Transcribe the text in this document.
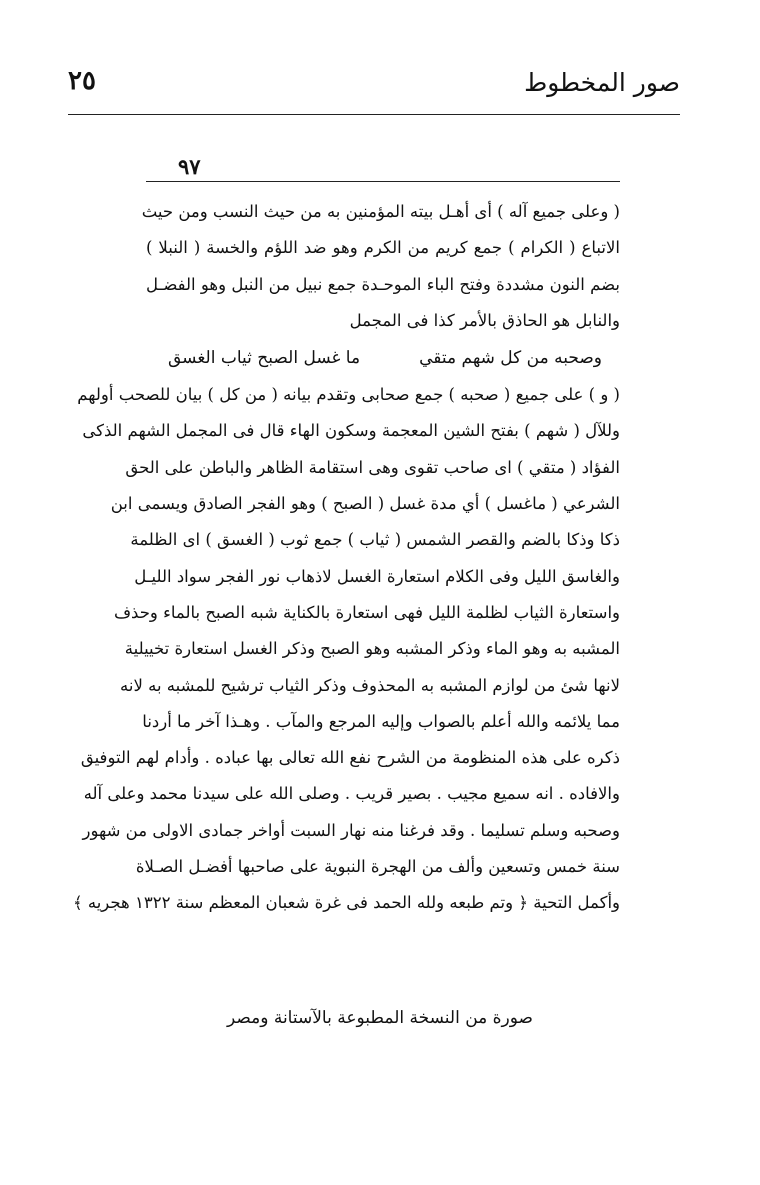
صور المخطوط
٢٥
٩٧
( وعلى جميع آله ) أى أهـل بيته المؤمنين به من حيث النسب ومن حيث
الاتباع ( الكرام ) جمع كريم من الكرم وهو ضد اللؤم والخسة ( النبلا )
بضم النون مشددة وفتح الباء الموحـدة جمع نبيل من النبل وهو الفضـل
والنابل هو الحاذق بالأمر كذا فى المجمل
وصحبه من كل شهم متقي
ما غسل الصبح ثياب الغسق
( و ) على جميع ( صحبه ) جمع صحابى وتقدم بيانه ( من كل ) بيان للصحب أولهم
وللآل ( شهم ) بفتح الشين المعجمة وسكون الهاء قال فى المجمل الشهم الذكى
الفؤاد ( متقي ) اى صاحب تقوى وهى استقامة الظاهر والباطن على الحق
الشرعي ( ماغسل ) أي مدة غسل ( الصبح ) وهو الفجر الصادق ويسمى ابن
ذكا وذكا بالضم والقصر الشمس ( ثياب ) جمع ثوب ( الغسق ) اى الظلمة
والغاسق الليل وفى الكلام استعارة الغسل لاذهاب نور الفجر سواد الليـل
واستعارة الثياب لظلمة الليل فهى استعارة بالكناية شبه الصبح بالماء وحذف
المشبه به وهو الماء وذكر المشبه وهو الصبح وذكر الغسل استعارة تخييلية
لانها شئ من لوازم المشبه به المحذوف وذكر الثياب ترشيح للمشبه به لانه
مما يلائمه والله أعلم بالصواب وإليه المرجع والمآب . وهـذا آخر ما أردنا
ذكره على هذه المنظومة من الشرح نفع الله تعالى بها عباده . وأدام لهم التوفيق
والافاده . انه سميع مجيب . بصير قريب . وصلى الله على سيدنا محمد وعلى آله
وصحبه وسلم تسليما . وقد فرغنا منه نهار السبت أواخر جمادى الاولى من شهور
سنة خمس وتسعين وألف من الهجرة النبوية على صاحبها أفضـل الصـلاة
وأكمل التحية ﴿ وتم طبعه ولله الحمد فى غرة شعبان المعظم سنة ١٣٢٢ هجريه ﴾
صورة من النسخة المطبوعة بالآستانة ومصر
